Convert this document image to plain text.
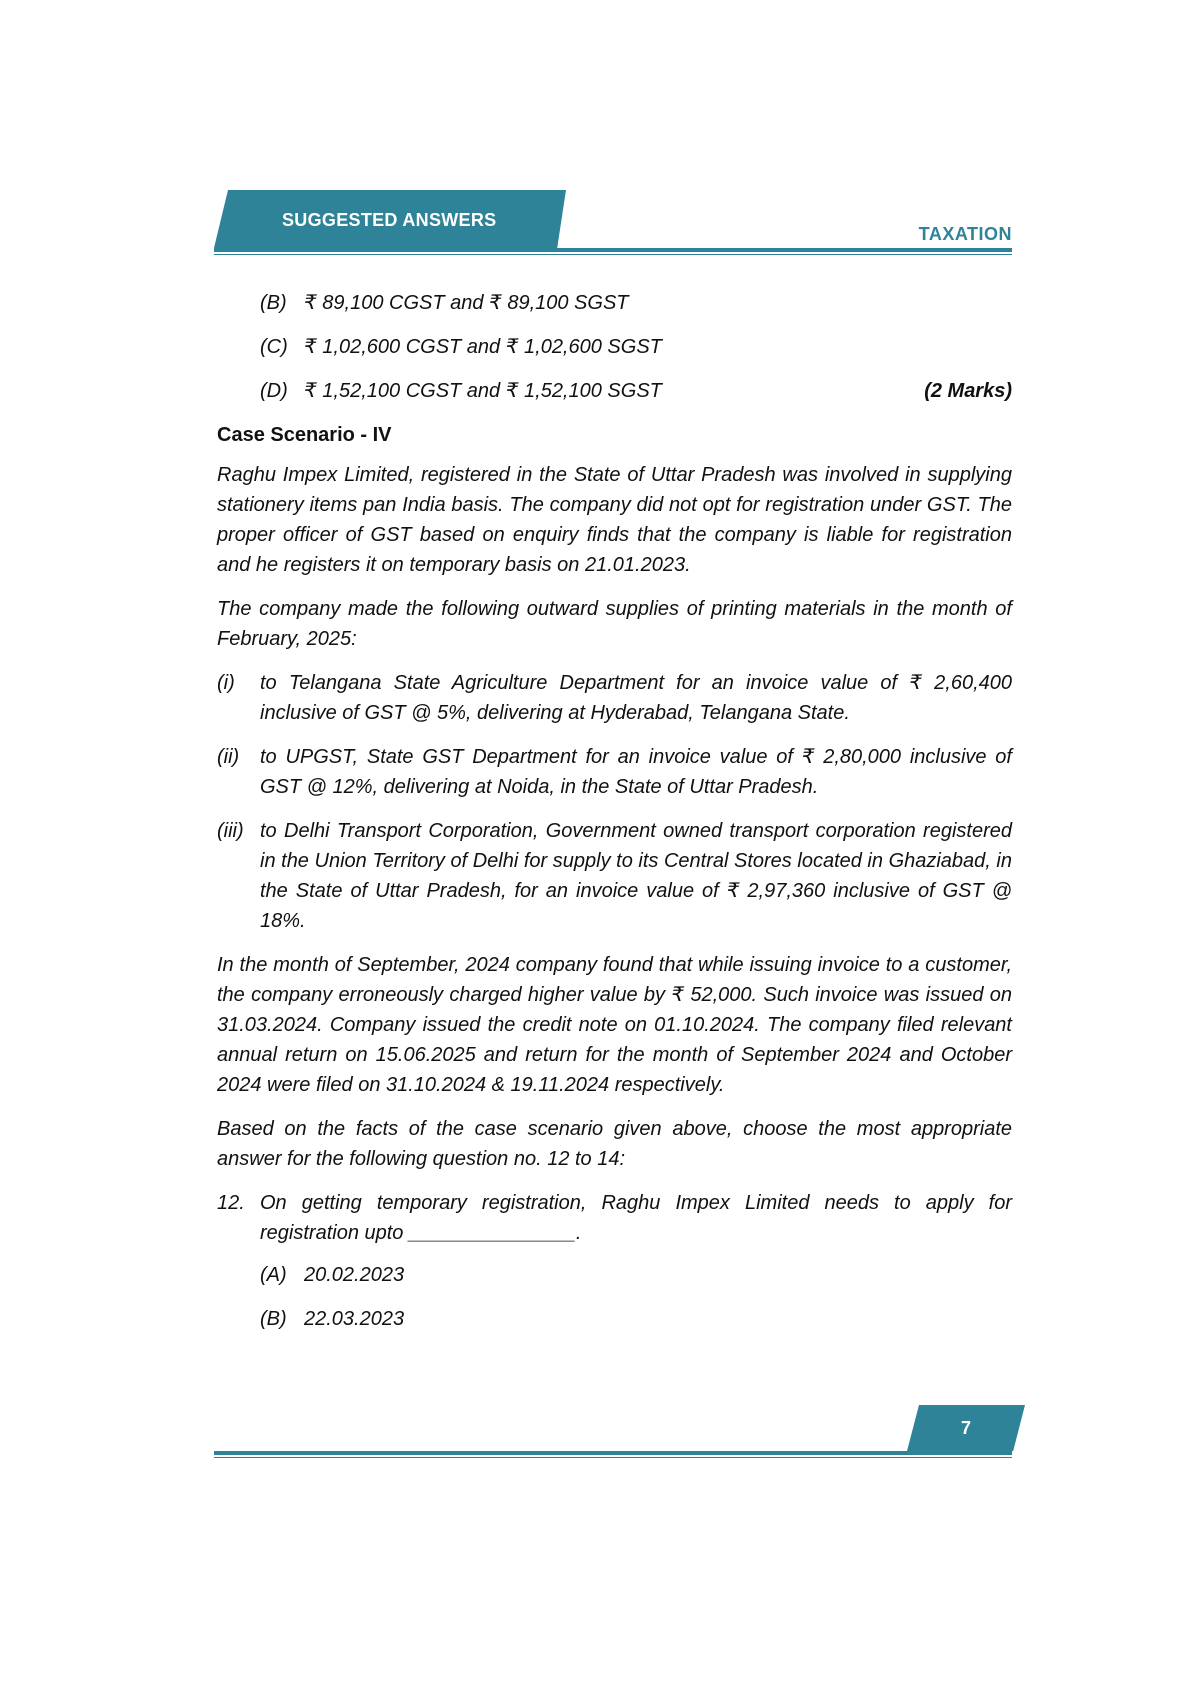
SUGGESTED ANSWERS
TAXATION
(B) ₹ 89,100 CGST and ₹ 89,100 SGST
(C) ₹ 1,02,600 CGST and ₹ 1,02,600 SGST
(D) ₹ 1,52,100 CGST and ₹ 1,52,100 SGST	(2 Marks)
Case Scenario - IV

Raghu Impex Limited, registered in the State of Uttar Pradesh was involved in supplying stationery items pan India basis. The company did not opt for registration under GST. The proper officer of GST based on enquiry finds that the company is liable for registration and he registers it on temporary basis on 21.01.2023.

The company made the following outward supplies of printing materials in the month of February, 2025:

(i)	to Telangana State Agriculture Department for an invoice value of ₹ 2,60,400 inclusive of GST @ 5%, delivering at Hyderabad, Telangana State.
(ii)	to UPGST, State GST Department for an invoice value of ₹ 2,80,000 inclusive of GST @ 12%, delivering at Noida, in the State of Uttar Pradesh.
(iii) to Delhi Transport Corporation, Government owned transport corporation registered in the Union Territory of Delhi for supply to its Central Stores located in Ghaziabad, in the State of Uttar Pradesh, for an invoice value of ₹ 2,97,360 inclusive of GST @ 18%.

In the month of September, 2024 company found that while issuing invoice to a customer, the company erroneously charged higher value by ₹ 52,000. Such invoice was issued on 31.03.2024. Company issued the credit note on 01.10.2024. The company filed relevant annual return on 15.06.2025 and return for the month of September 2024 and October 2024 were filed on 31.10.2024 & 19.11.2024 respectively.

Based on the facts of the case scenario given above, choose the most appropriate answer for the following question no. 12 to 14:

12. On getting temporary registration, Raghu Impex Limited needs to apply for registration upto _______________.
(A) 20.02.2023
(B) 22.03.2023
7
